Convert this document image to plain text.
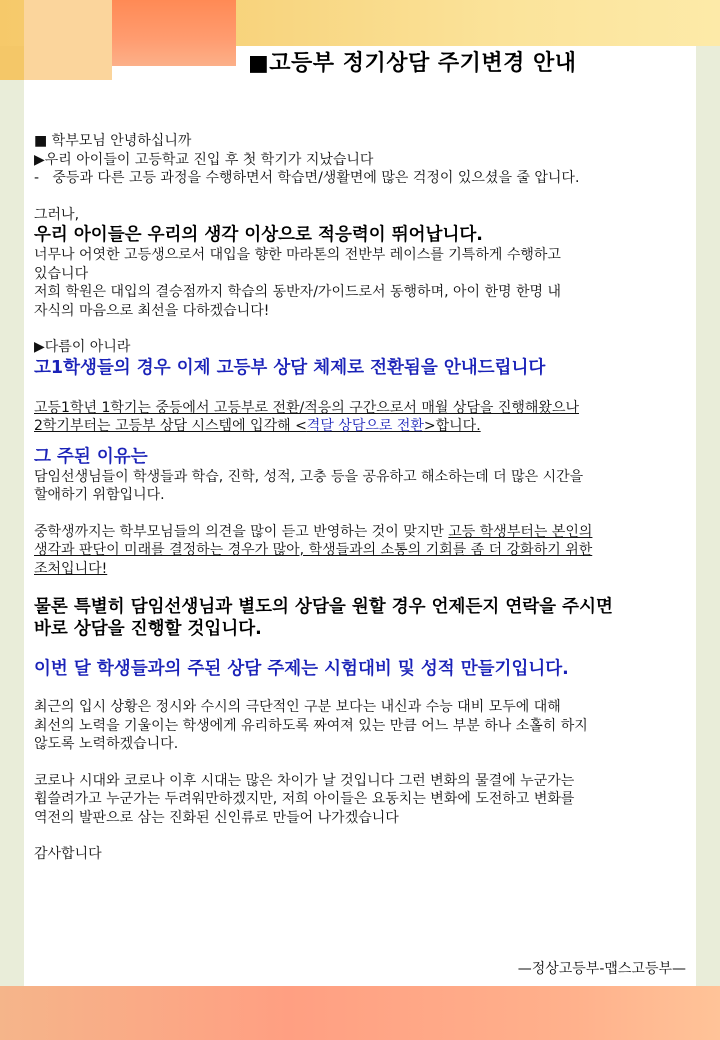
■고등부 정기상담 주기변경 안내
■ 학부모님 안녕하십니까
▶우리 아이들이 고등학교 진입 후 첫 학기가 지났습니다
-   중등과 다른 고등 과정을 수행하면서 학습면/생활면에 많은 걱정이 있으셨을 줄 압니다.
그러나,
우리 아이들은 우리의 생각 이상으로 적응력이 뛰어납니다.
너무나 어엿한 고등생으로서 대입을 향한 마라톤의 전반부 레이스를 기특하게 수행하고
있습니다
저희 학원은 대입의 결승점까지 학습의 동반자/가이드로서 동행하며, 아이 한명 한명 내
자식의 마음으로 최선을 다하겠습니다!
▶다름이 아니라
고1학생들의 경우 이제 고등부 상담 체제로 전환됨을 안내드립니다
고등1학년 1학기는 중등에서 고등부로 전환/적응의 구간으로서 매월 상담을 진행해왔으나
2학기부터는 고등부 상담 시스템에 입각해 <격달 상담으로 전환>합니다.
그 주된 이유는
담임선생님들이 학생들과 학습, 진학, 성적, 고충 등을 공유하고 해소하는데 더 많은 시간을
할애하기 위함입니다.
중학생까지는 학부모님들의 의견을 많이 듣고 반영하는 것이 맞지만 고등 학생부터는 본인의
생각과 판단이 미래를 결정하는 경우가 많아, 학생들과의 소통의 기회를 좀 더 강화하기 위한
조처입니다!
물론 특별히 담임선생님과 별도의 상담을 원할 경우 언제든지 연락을 주시면
바로 상담을 진행할 것입니다.
이번 달 학생들과의 주된 상담 주제는 시험대비 및 성적 만들기입니다.
최근의 입시 상황은 정시와 수시의 극단적인 구분 보다는 내신과 수능 대비 모두에 대해
최선의 노력을 기울이는 학생에게 유리하도록 짜여져 있는 만큼 어느 부분 하나 소홀히 하지
않도록 노력하겠습니다.
코로나 시대와 코로나 이후 시대는 많은 차이가 날 것입니다 그런 변화의 물결에 누군가는
휩쓸려가고 누군가는 두려워만하겠지만, 저희 아이들은 요동치는 변화에 도전하고 변화를
역전의 발판으로 삼는 진화된 신인류로 만들어 나가겠습니다
감사합니다
—정상고등부-맵스고등부—
